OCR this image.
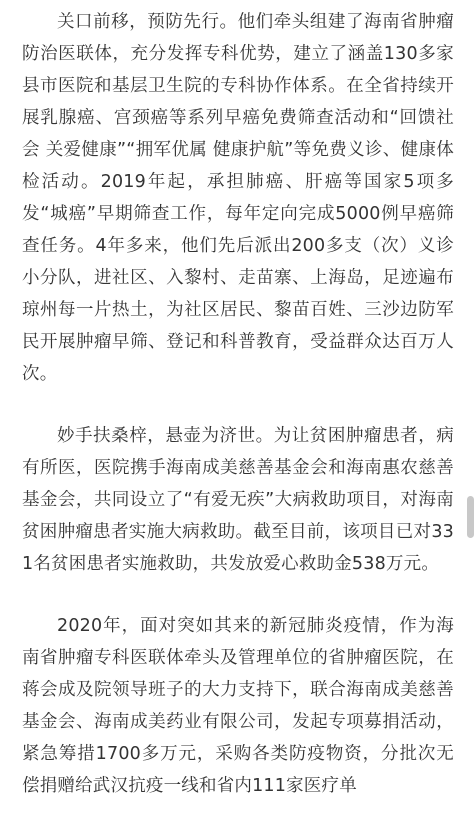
关口前移，预防先行。他们牵头组建了海南省肿瘤防治医联体，充分发挥专科优势，建立了涵盖130多家县市医院和基层卫生院的专科协作体系。在全省持续开展乳腺癌、宫颈癌等系列早癌免费筛查活动和“回馈社会 关爱健康”“拥军优属 健康护航”等免费义诊、健康体检活动。2019年起，承担肺癌、肝癌等国家5项多发“城癌”早期筛查工作，每年定向完成5000例早癌筛查任务。4年多来，他们先后派出200多支（次）义诊小分队，进社区、入黎村、走苗寨、上海岛，足迹遍布琼州每一片热土，为社区居民、黎苗百姓、三沙边防军民开展肿瘤早筛、登记和科普教育，受益群众达百万人次。

妙手扶桑梓，悬壶为济世。为让贫困肿瘤患者，病有所医，医院携手海南成美慈善基金会和海南惠农慈善基金会，共同设立了“有爱无疾”大病救助项目，对海南贫困肿瘤患者实施大病救助。截至目前，该项目已对331名贫困患者实施救助，共发放爱心救助金538万元。

2020年，面对突如其来的新冠肺炎疫情，作为海南省肿瘤专科医联体牵头及管理单位的省肿瘤医院，在蒋会成及院领导班子的大力支持下，联合海南成美慈善基金会、海南成美药业有限公司，发起专项募捐活动，紧急筹措1700多万元，采购各类防疫物资，分批次无偿捐赠给武汉抗疫一线和省内111家医疗单
